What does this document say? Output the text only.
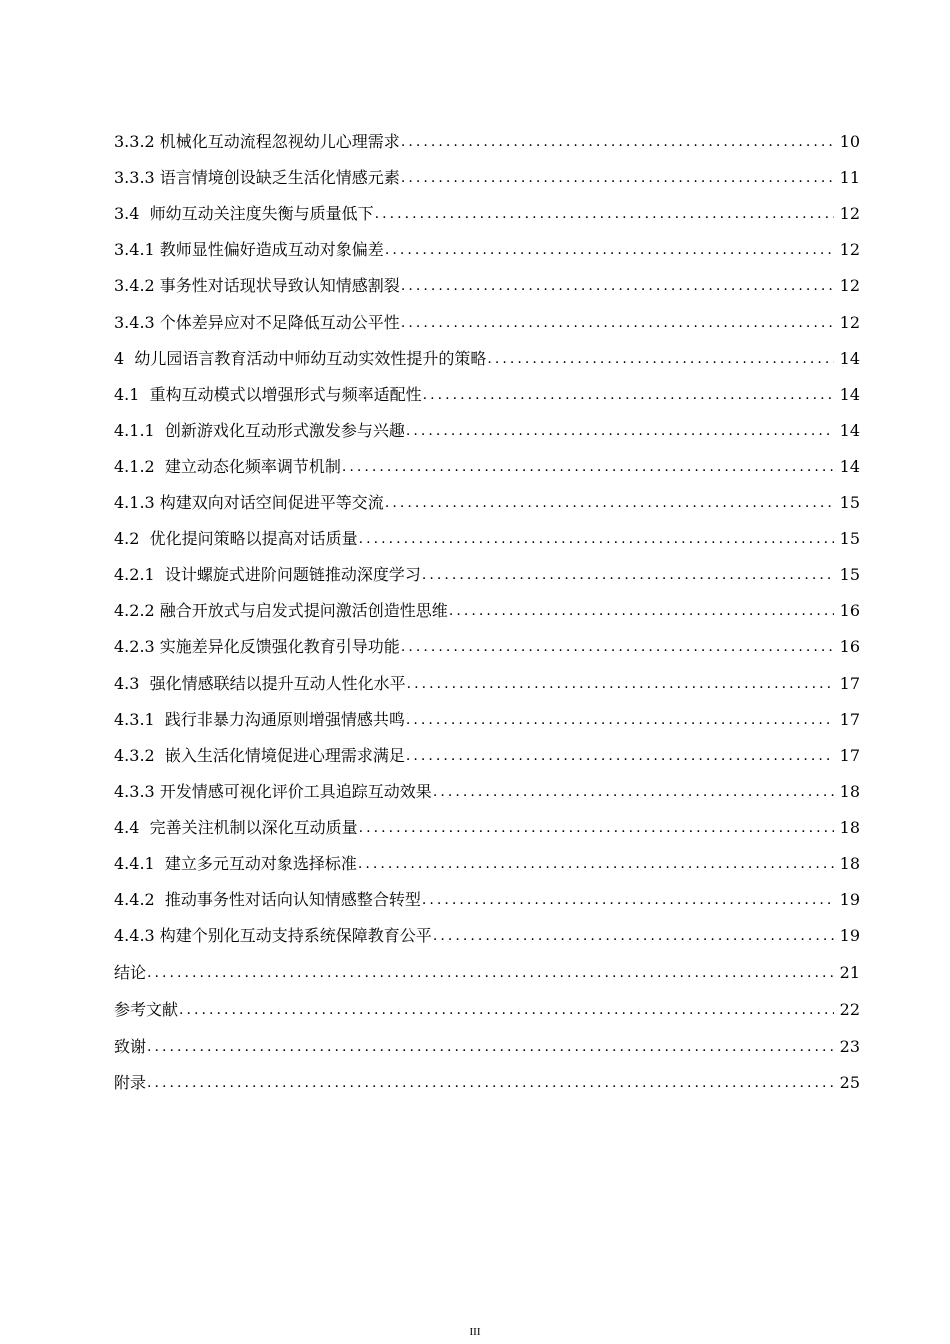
3.3.2 机械化互动流程忽视幼儿心理需求 .....	10
3.3.3 语言情境创设缺乏生活化情感元素 .....	11
3.4  师幼互动关注度失衡与质量低下 .....	12
3.4.1 教师显性偏好造成互动对象偏差 .....	12
3.4.2 事务性对话现状导致认知情感割裂 .....	12
3.4.3 个体差异应对不足降低互动公平性 .....	12
4  幼儿园语言教育活动中师幼互动实效性提升的策略 .....	14
4.1  重构互动模式以增强形式与频率适配性 .....	14
4.1.1  创新游戏化互动形式激发参与兴趣 .....	14
4.1.2  建立动态化频率调节机制 .....	14
4.1.3 构建双向对话空间促进平等交流 .....	15
4.2  优化提问策略以提高对话质量 .....	15
4.2.1  设计螺旋式进阶问题链推动深度学习 .....	15
4.2.2 融合开放式与启发式提问激活创造性思维 .....	16
4.2.3 实施差异化反馈强化教育引导功能 .....	16
4.3  强化情感联结以提升互动人性化水平 .....	17
4.3.1  践行非暴力沟通原则增强情感共鸣 .....	17
4.3.2  嵌入生活化情境促进心理需求满足 .....	17
4.3.3 开发情感可视化评价工具追踪互动效果 .....	18
4.4  完善关注机制以深化互动质量 .....	18
4.4.1  建立多元互动对象选择标准 .....	18
4.4.2  推动事务性对话向认知情感整合转型 .....	19
4.4.3 构建个别化互动支持系统保障教育公平 .....	19
结论 .....	21
参考文献 .....	22
致谢 .....	23
附录 .....	25
III
